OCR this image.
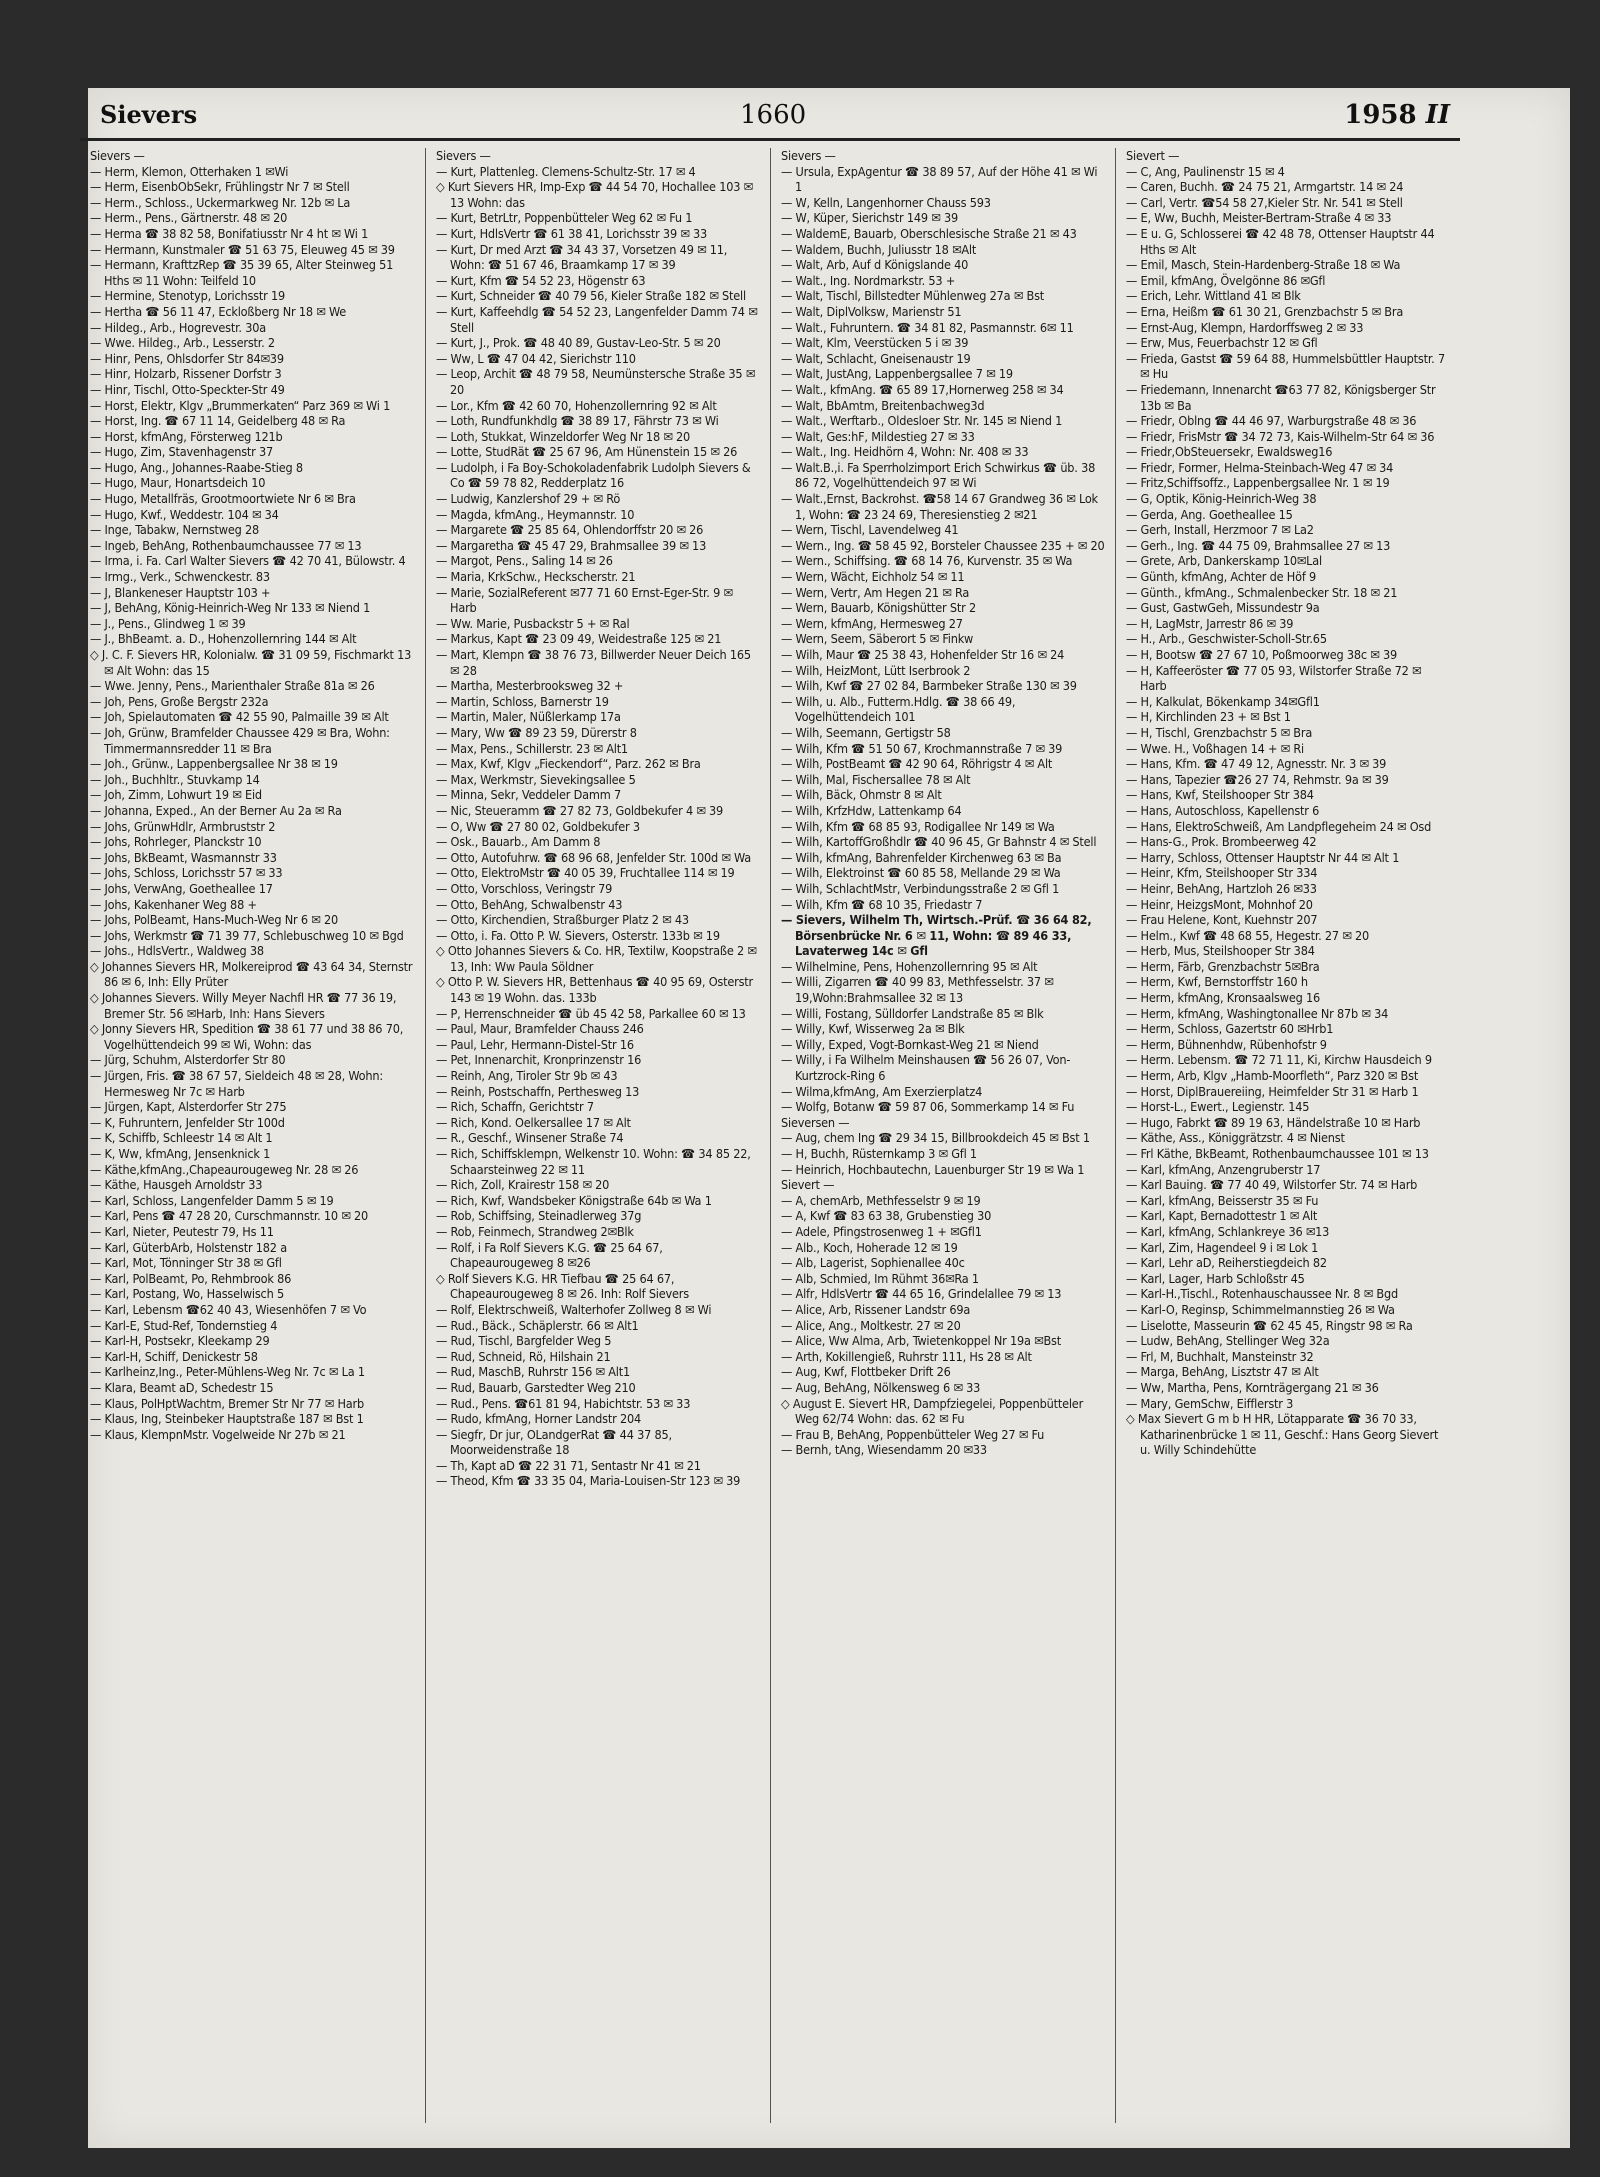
Sievers	1660	1958 II
Sievers —
— Herm, Klemon, Otterhaken 1 ✉Wi
— Herm, EisenbObSekr, Frühlingstr Nr 7 ✉ Stell
— Herm., Schloss., Uckermarkweg Nr. 12b ✉ La
— Herm., Pens., Gärtnerstr. 48 ✉ 20
— Herma ☎ 38 82 58, Bonifatiusstr Nr 4 ht ✉ Wi 1
— Hermann, Kunstmaler ☎ 51 63 75, Eleuweg 45 ✉ 39
— Hermann, KrafttzRep ☎ 35 39 65, Alter Steinweg 51 Hths ✉ 11 Wohn: Teilfeld 10
— Hermine, Stenotyp, Lorichsstr 19
— Hertha ☎ 56 11 47, Eckloßberg Nr 18 ✉ We
— Hildeg., Arb., Hogrevestr. 30a
— Wwe. Hildeg., Arb., Lesserstr. 2
— Hinr, Pens, Ohlsdorfer Str 84✉39
— Hinr, Holzarb, Rissener Dorfstr 3
— Hinr, Tischl, Otto-Speckter-Str 49
— Horst, Elektr, Klgv „Brummerkaten“ Parz 369 ✉ Wi 1
— Horst, Ing. ☎ 67 11 14, Geidelberg 48 ✉ Ra
— Horst, kfmAng, Försterweg 121b
— Hugo, Zim, Stavenhagenstr 37
— Hugo, Ang., Johannes-Raabe-Stieg 8
— Hugo, Maur, Honartsdeich 10
— Hugo, Metallfräs, Grootmoortwiete Nr 6 ✉ Bra
— Hugo, Kwf., Weddestr. 104 ✉ 34
— Inge, Tabakw, Nernstweg 28
— Ingeb, BehAng, Rothenbaumchaussee 77 ✉ 13
— Irma, i. Fa. Carl Walter Sievers ☎ 42 70 41, Bülowstr. 4
— Irmg., Verk., Schwenckestr. 83
— J, Blankeneser Hauptstr 103 +
— J, BehAng, König-Heinrich-Weg Nr 133 ✉ Niend 1
— J., Pens., Glindweg 1 ✉ 39
— J., BhBeamt. a. D., Hohenzollernring 144 ✉ Alt
◇ J. C. F. Sievers HR, Kolonialw. ☎ 31 09 59, Fischmarkt 13✉ Alt Wohn: das 15
— Wwe. Jenny, Pens., Marienthaler Straße 81a ✉ 26
— Joh, Pens, Große Bergstr 232a
— Joh, Spielautomaten ☎ 42 55 90, Palmaille 39 ✉ Alt
— Joh, Grünw, Bramfelder Chaussee 429 ✉ Bra, Wohn: Timmermannsredder 11 ✉ Bra
— Joh., Grünw., Lappenbergsallee Nr 38 ✉ 19
— Joh., Buchhltr., Stuvkamp 14
— Joh, Zimm, Lohwurt 19 ✉ Eid
— Johanna, Exped., An der Berner Au 2a ✉ Ra
— Johs, GrünwHdlr, Armbruststr 2
— Johs, Rohrleger, Planckstr 10
— Johs, BkBeamt, Wasmannstr 33
— Johs, Schloss, Lorichsstr 57 ✉ 33
— Johs, VerwAng, Goetheallee 17
— Johs, Kakenhaner Weg 88 +
— Johs, PolBeamt, Hans-Much-Weg Nr 6 ✉ 20
— Johs, Werkmstr ☎ 71 39 77, Schlebuschweg 10 ✉ Bgd
— Johs., HdlsVertr., Waldweg 38
◇ Johannes Sievers HR, Molkereiprod ☎ 43 64 34, Sternstr 86 ✉ 6, Inh: Elly Prüter
◇ Johannes Sievers. Willy Meyer Nachfl HR ☎ 77 36 19, Bremer Str. 56 ✉Harb, Inh: Hans Sievers
◇ Jonny Sievers HR, Spedition ☎ 38 61 77 und 38 86 70, Vogelhüttendeich 99 ✉ Wi, Wohn: das
— Jürg, Schuhm, Alsterdorfer Str 80
— Jürgen, Fris. ☎ 38 67 57, Sieldeich 48 ✉ 28, Wohn: Hermesweg Nr 7c ✉ Harb
— Jürgen, Kapt, Alsterdorfer Str 275
— K, Fuhruntern, Jenfelder Str 100d
— K, Schiffb, Schleestr 14 ✉ Alt 1
— K, Ww, kfmAng, Jensenknick 1
— Käthe,kfmAng.,Chapeaurougeweg Nr. 28 ✉ 26
— Käthe, Hausgeh Arnoldstr 33
— Karl, Schloss, Langenfelder Damm 5 ✉ 19
— Karl, Pens ☎ 47 28 20, Curschmannstr. 10 ✉ 20
— Karl, Nieter, Peutestr 79, Hs 11
— Karl, GüterbArb, Holstenstr 182 a
— Karl, Mot, Tönninger Str 38 ✉ Gfl
— Karl, PolBeamt, Po, Rehmbrook 86
— Karl, Postang, Wo, Hasselwisch 5
— Karl, Lebensm ☎62 40 43, Wiesenhöfen 7 ✉ Vo
— Karl-E, Stud-Ref, Tondernstieg 4
— Karl-H, Postsekr, Kleekamp 29
— Karl-H, Schiff, Denickestr 58
— Karlheinz,Ing., Peter-Mühlens-Weg Nr. 7c ✉ La 1
— Klara, Beamt aD, Schedestr 15
— Klaus, PolHptWachtm, Bremer Str Nr 77 ✉ Harb
— Klaus, Ing, Steinbeker Hauptstraße 187 ✉ Bst 1
— Klaus, KlempnMstr. Vogelweide Nr 27b ✉ 21
Sievers —
— Kurt, Plattenleg. Clemens-Schultz-Str. 17 ✉ 4
◇ Kurt Sievers HR, Imp-Exp ☎ 44 54 70, Hochallee 103 ✉ 13 Wohn: das
— Kurt, BetrLtr, Poppenbütteler Weg 62 ✉ Fu 1
— Kurt, HdlsVertr ☎ 61 38 41, Lorichsstr 39 ✉ 33
— Kurt, Dr med Arzt ☎ 34 43 37, Vorsetzen 49 ✉ 11, Wohn: ☎ 51 67 46, Braamkamp 17 ✉ 39
— Kurt, Kfm ☎ 54 52 23, Högenstr 63
— Kurt, Schneider ☎ 40 79 56, Kieler Straße 182 ✉ Stell
— Kurt, Kaffeehdlg ☎ 54 52 23, Langenfelder Damm 74 ✉ Stell
— Kurt, J., Prok. ☎ 48 40 89, Gustav-Leo-Str. 5 ✉ 20
— Ww, L ☎ 47 04 42, Sierichstr 110
— Leop, Archit ☎ 48 79 58, Neumünstersche Straße 35 ✉ 20
— Lor., Kfm ☎ 42 60 70, Hohenzollernring 92 ✉ Alt
— Loth, Rundfunkhdlg ☎ 38 89 17, Fährstr 73 ✉ Wi
— Loth, Stukkat, Winzeldorfer Weg Nr 18 ✉ 20
— Lotte, StudRät ☎ 25 67 96, Am Hünenstein 15 ✉ 26
— Ludolph, i Fa Boy-Schokoladenfabrik Ludolph Sievers & Co ☎ 59 78 82, Redderplatz 16
— Ludwig, Kanzlershof 29 + ✉ Rö
— Magda, kfmAng., Heymannstr. 10
— Margarete ☎ 25 85 64, Ohlendorffstr 20 ✉ 26
— Margaretha ☎ 45 47 29, Brahmsallee 39 ✉ 13
— Margot, Pens., Saling 14 ✉ 26
— Maria, KrkSchw., Heckscherstr. 21
— Marie, SozialReferent ✉77 71 60 Ernst-Eger-Str. 9 ✉ Harb
— Ww. Marie, Pusbackstr 5 + ✉ Ral
— Markus, Kapt ☎ 23 09 49, Weidestraße 125 ✉ 21
— Mart, Klempn ☎ 38 76 73, Billwerder Neuer Deich 165 ✉ 28
— Martha, Mesterbrooksweg 32 +
— Martin, Schloss, Barnerstr 19
— Martin, Maler, Nüßlerkamp 17a
— Mary, Ww ☎ 89 23 59, Dürerstr 8
— Max, Pens., Schillerstr. 23 ✉ Alt1
— Max, Kwf, Klgv „Fieckendorf“, Parz. 262 ✉ Bra
— Max, Werkmstr, Sievekingsallee 5
— Minna, Sekr, Veddeler Damm 7
— Nic, Steueramm ☎ 27 82 73, Goldbekufer 4 ✉ 39
— O, Ww ☎ 27 80 02, Goldbekufer 3
— Osk., Bauarb., Am Damm 8
— Otto, Autofuhrw. ☎ 68 96 68, Jenfelder Str. 100d ✉ Wa
— Otto, ElektroMstr ☎ 40 05 39, Fruchtallee 114 ✉ 19
— Otto, Vorschloss, Veringstr 79
— Otto, BehAng, Schwalbenstr 43
— Otto, Kirchendien, Straßburger Platz 2 ✉ 43
— Otto, i. Fa. Otto P. W. Sievers, Osterstr. 133b ✉ 19
◇ Otto Johannes Sievers & Co. HR, Textilw, Koopstraße 2 ✉ 13, Inh: Ww Paula Söldner
◇ Otto P. W. Sievers HR, Bettenhaus ☎ 40 95 69, Osterstr 143 ✉ 19 Wohn. das. 133b
— P, Herrenschneider ☎ üb 45 42 58, Parkallee 60 ✉ 13
— Paul, Maur, Bramfelder Chauss 246
— Paul, Lehr, Hermann-Distel-Str 16
— Pet, Innenarchit, Kronprinzenstr 16
— Reinh, Ang, Tiroler Str 9b ✉ 43
— Reinh, Postschaffn, Perthesweg 13
— Rich, Schaffn, Gerichtstr 7
— Rich, Kond. Oelkersallee 17 ✉ Alt
— R., Geschf., Winsener Straße 74
— Rich, Schiffsklempn, Welkenstr 10. Wohn: ☎ 34 85 22, Schaarsteinweg 22 ✉ 11
— Rich, Zoll, Krairestr 158 ✉ 20
— Rich, Kwf, Wandsbeker Königstraße 64b ✉ Wa 1
— Rob, Schiffsing, Steinadlerweg 37g
— Rob, Feinmech, Strandweg 2✉Blk
— Rolf, i Fa Rolf Sievers K.G. ☎ 25 64 67, Chapeaurougeweg 8 ✉26
◇ Rolf Sievers K.G. HR Tiefbau ☎ 25 64 67, Chapeaurougeweg 8 ✉ 26. Inh: Rolf Sievers
— Rolf, Elektrschweiß, Walterhofer Zollweg 8 ✉ Wi
— Rud., Bäck., Schäplerstr. 66 ✉ Alt1
— Rud, Tischl, Bargfelder Weg 5
— Rud, Schneid, Rö, Hilshain 21
— Rud, MaschB, Ruhrstr 156 ✉ Alt1
— Rud, Bauarb, Garstedter Weg 210
— Rud., Pens. ☎61 81 94, Habichtstr. 53 ✉ 33
— Rudo, kfmAng, Horner Landstr 204
— Siegfr, Dr jur, OLandgerRat ☎ 44 37 85, Moorweidenstraße 18
— Th, Kapt aD ☎ 22 31 71, Sentastr Nr 41 ✉ 21
— Theod, Kfm ☎ 33 35 04, Maria-Louisen-Str 123 ✉ 39
Sievers —
— Ursula, ExpAgentur ☎ 38 89 57, Auf der Höhe 41 ✉ Wi 1
— W, Kelln, Langenhorner Chauss 593
— W, Küper, Sierichstr 149 ✉ 39
— WaldemE, Bauarb, Oberschlesische Straße 21 ✉ 43
— Waldem, Buchh, Juliusstr 18 ✉Alt
— Walt, Arb, Auf d Königslande 40
— Walt., Ing. Nordmarkstr. 53 +
— Walt, Tischl, Billstedter Mühlenweg 27a ✉ Bst
— Walt, DiplVolksw, Marienstr 51
— Walt., Fuhruntern. ☎ 34 81 82, Pasmannstr. 6✉ 11
— Walt, Klm, Veerstücken 5 i ✉ 39
— Walt, Schlacht, Gneisenaustr 19
— Walt, JustAng, Lappenbergsallee 7 ✉ 19
— Walt., kfmAng. ☎ 65 89 17,Hornerweg 258 ✉ 34
— Walt, BbAmtm, Breitenbachweg3d
— Walt., Werftarb., Oldesloer Str. Nr. 145 ✉ Niend 1
— Walt, Ges:hF, Mildestieg 27 ✉ 33
— Walt., Ing. Heidhörn 4, Wohn: Nr. 408 ✉ 33
— Walt.B.,i. Fa Sperrholzimport Erich Schwirkus ☎ üb. 38 86 72, Vogelhüttendeich 97 ✉ Wi
— Walt.,Ernst, Backrohst. ☎58 14 67 Grandweg 36 ✉ Lok 1, Wohn: ☎ 23 24 69, Theresienstieg 2 ✉21
— Wern, Tischl, Lavendelweg 41
— Wern., Ing. ☎ 58 45 92, Borsteler Chaussee 235 + ✉ 20
— Wern., Schiffsing. ☎ 68 14 76, Kurvenstr. 35 ✉ Wa
— Wern, Wächt, Eichholz 54 ✉ 11
— Wern, Vertr, Am Hegen 21 ✉ Ra
— Wern, Bauarb, Königshütter Str 2
— Wern, kfmAng, Hermesweg 27
— Wern, Seem, Säberort 5 ✉ Finkw
— Wilh, Maur ☎ 25 38 43, Hohenfelder Str 16 ✉ 24
— Wilh, HeizMont, Lütt Iserbrook 2
— Wilh, Kwf ☎ 27 02 84, Barmbeker Straße 130 ✉ 39
— Wilh, u. Alb., Futterm.Hdlg. ☎ 38 66 49, Vogelhüttendeich 101
— Wilh, Seemann, Gertigstr 58
— Wilh, Kfm ☎ 51 50 67, Krochmannstraße 7 ✉ 39
— Wilh, PostBeamt ☎ 42 90 64, Röhrigstr 4 ✉ Alt
— Wilh, Mal, Fischersallee 78 ✉ Alt
— Wilh, Bäck, Ohmstr 8 ✉ Alt
— Wilh, KrfzHdw, Lattenkamp 64
— Wilh, Kfm ☎ 68 85 93, Rodigallee Nr 149 ✉ Wa
— Wilh, KartoffGroßhdlr ☎ 40 96 45, Gr Bahnstr 4 ✉ Stell
— Wilh, kfmAng, Bahrenfelder Kirchenweg 63 ✉ Ba
— Wilh, Elektroinst ☎ 60 85 58, Mellande 29 ✉ Wa
— Wilh, SchlachtMstr, Verbindungsstraße 2 ✉ Gfl 1
— Wilh, Kfm ☎ 68 10 35, Friedastr 7
— Sievers, Wilhelm Th, Wirtsch.-Prüf. ☎ 36 64 82, Börsenbrücke Nr. 6 ✉ 11, Wohn: ☎ 89 46 33, Lavaterweg 14c ✉ Gfl
— Wilhelmine, Pens, Hohenzollernring 95 ✉ Alt
— Willi, Zigarren ☎ 40 99 83, Methfesselstr. 37 ✉ 19,Wohn:Brahmsallee 32 ✉ 13
— Willi, Fostang, Sülldorfer Landstraße 85 ✉ Blk
— Willy, Kwf, Wisserweg 2a ✉ Blk
— Willy, Exped, Vogt-Bornkast-Weg 21 ✉ Niend
— Willy, i Fa Wilhelm Meinshausen ☎ 56 26 07, Von-Kurtzrock-Ring 6
— Wilma,kfmAng, Am Exerzierplatz4
— Wolfg, Botanw ☎ 59 87 06, Sommerkamp 14 ✉ Fu
Sieversen —
— Aug, chem Ing ☎ 29 34 15, Billbrookdeich 45 ✉ Bst 1
— H, Buchh, Rüsternkamp 3 ✉ Gfl 1
— Heinrich, Hochbautechn, Lauenburger Str 19 ✉ Wa 1
Sievert —
— A, chemArb, Methfesselstr 9 ✉ 19
— A, Kwf ☎ 83 63 38, Grubenstieg 30
— Adele, Pfingstrosenweg 1 + ✉Gfl1
— Alb., Koch, Hoherade 12 ✉ 19
— Alb, Lagerist, Sophienallee 40c
— Alb, Schmied, Im Rühmt 36✉Ra 1
— Alfr, HdlsVertr ☎ 44 65 16, Grindelallee 79 ✉ 13
— Alice, Arb, Rissener Landstr 69a
— Alice, Ang., Moltkestr. 27 ✉ 20
— Alice, Ww Alma, Arb, Twietenkoppel Nr 19a ✉Bst
— Arth, Kokillengieß, Ruhrstr 111, Hs 28 ✉ Alt
— Aug, Kwf, Flottbeker Drift 26
— Aug, BehAng, Nölkensweg 6 ✉ 33
◇ August E. Sievert HR, Dampfziegelei, Poppenbütteler Weg 62/74 Wohn: das. 62 ✉ Fu
— Frau B, BehAng, Poppenbütteler Weg 27 ✉ Fu
— Bernh, tAng, Wiesendamm 20 ✉33
Sievert —
— C, Ang, Paulinenstr 15 ✉ 4
— Caren, Buchh. ☎ 24 75 21, Armgartstr. 14 ✉ 24
— Carl, Vertr. ☎54 58 27,Kieler Str. Nr. 541 ✉ Stell
— E, Ww, Buchh, Meister-Bertram-Straße 4 ✉ 33
— E u. G, Schlosserei ☎ 42 48 78, Ottenser Hauptstr 44 Hths ✉ Alt
— Emil, Masch, Stein-Hardenberg-Straße 18 ✉ Wa
— Emil, kfmAng, Övelgönne 86 ✉Gfl
— Erich, Lehr. Wittland 41 ✉ Blk
— Erna, Heißm ☎ 61 30 21, Grenzbachstr 5 ✉ Bra
— Ernst-Aug, Klempn, Hardorffsweg 2 ✉ 33
— Erw, Mus, Feuerbachstr 12 ✉ Gfl
— Frieda, Gastst ☎ 59 64 88, Hummelsbüttler Hauptstr. 7 ✉ Hu
— Friedemann, Innenarcht ☎63 77 82, Königsberger Str 13b ✉ Ba
— Friedr, Oblng ☎ 44 46 97, Warburgstraße 48 ✉ 36
— Friedr, FrisMstr ☎ 34 72 73, Kais-Wilhelm-Str 64 ✉ 36
— Friedr,ObSteuersekr, Ewaldsweg16
— Friedr, Former, Helma-Steinbach-Weg 47 ✉ 34
— Fritz,Schiffsoffz., Lappenbergsallee Nr. 1 ✉ 19
— G, Optik, König-Heinrich-Weg 38
— Gerda, Ang. Goetheallee 15
— Gerh, Install, Herzmoor 7 ✉ La2
— Gerh., Ing. ☎ 44 75 09, Brahmsallee 27 ✉ 13
— Grete, Arb, Dankerskamp 10✉Lal
— Günth, kfmAng, Achter de Höf 9
— Günth., kfmAng., Schmalenbecker Str. 18 ✉ 21
— Gust, GastwGeh, Missundestr 9a
— H, LagMstr, Jarrestr 86 ✉ 39
— H., Arb., Geschwister-Scholl-Str.65
— H, Bootsw ☎ 27 67 10, Poßmoorweg 38c ✉ 39
— H, Kaffeeröster ☎ 77 05 93, Wilstorfer Straße 72 ✉ Harb
— H, Kalkulat, Bökenkamp 34✉Gfl1
— H, Kirchlinden 23 + ✉ Bst 1
— H, Tischl, Grenzbachstr 5 ✉ Bra
— Wwe. H., Voßhagen 14 + ✉ Ri
— Hans, Kfm. ☎ 47 49 12, Agnesstr. Nr. 3 ✉ 39
— Hans, Tapezier ☎26 27 74, Rehmstr. 9a ✉ 39
— Hans, Kwf, Steilshooper Str 384
— Hans, Autoschloss, Kapellenstr 6
— Hans, ElektroSchweiß, Am Landpflegeheim 24 ✉ Osd
— Hans-G., Prok. Brombeerweg 42
— Harry, Schloss, Ottenser Hauptstr Nr 44 ✉ Alt 1
— Heinr, Kfm, Steilshooper Str 334
— Heinr, BehAng, Hartzloh 26 ✉33
— Heinr, HeizgsMont, Mohnhof 20
— Frau Helene, Kont, Kuehnstr 207
— Helm., Kwf ☎ 48 68 55, Hegestr. 27 ✉ 20
— Herb, Mus, Steilshooper Str 384
— Herm, Färb, Grenzbachstr 5✉Bra
— Herm, Kwf, Bernstorffstr 160 h
— Herm, kfmAng, Kronsaalsweg 16
— Herm, kfmAng, Washingtonallee Nr 87b ✉ 34
— Herm, Schloss, Gazertstr 60 ✉Hrb1
— Herm, Bühnenhdw, Rübenhofstr 9
— Herm. Lebensm. ☎ 72 71 11, Ki, Kirchw Hausdeich 9
— Herm, Arb, Klgv „Hamb-Moorfleth“, Parz 320 ✉ Bst
— Horst, DiplBrauereiing, Heimfelder Str 31 ✉ Harb 1
— Horst-L., Ewert., Legienstr. 145
— Hugo, Fabrkt ☎ 89 19 63, Händelstraße 10 ✉ Harb
— Käthe, Ass., Königgrätzstr. 4 ✉ Nienst
— Frl Käthe, BkBeamt, Rothenbaumchaussee 101 ✉ 13
— Karl, kfmAng, Anzengruberstr 17
— Karl Bauing. ☎ 77 40 49, Wilstorfer Str. 74 ✉ Harb
— Karl, kfmAng, Beisserstr 35 ✉ Fu
— Karl, Kapt, Bernadottestr 1 ✉ Alt
— Karl, kfmAng, Schlankreye 36 ✉13
— Karl, Zim, Hagendeel 9 i ✉ Lok 1
— Karl, Lehr aD, Reiherstiegdeich 82
— Karl, Lager, Harb Schloßstr 45
— Karl-H.,Tischl., Rotenhauschaussee Nr. 8 ✉ Bgd
— Karl-O, Reginsp, Schimmelmannstieg 26 ✉ Wa
— Liselotte, Masseurin ☎ 62 45 45, Ringstr 98 ✉ Ra
— Ludw, BehAng, Stellinger Weg 32a
— Frl, M, Buchhalt, Mansteinstr 32
— Marga, BehAng, Lisztstr 47 ✉ Alt
— Ww, Martha, Pens, Kornträgergang 21 ✉ 36
— Mary, GemSchw, Eifflerstr 3
◇ Max Sievert G m b H HR, Lötapparate ☎ 36 70 33, Katharinenbrücke 1 ✉ 11, Geschf.: Hans Georg Sievert u. Willy Schindehütte
